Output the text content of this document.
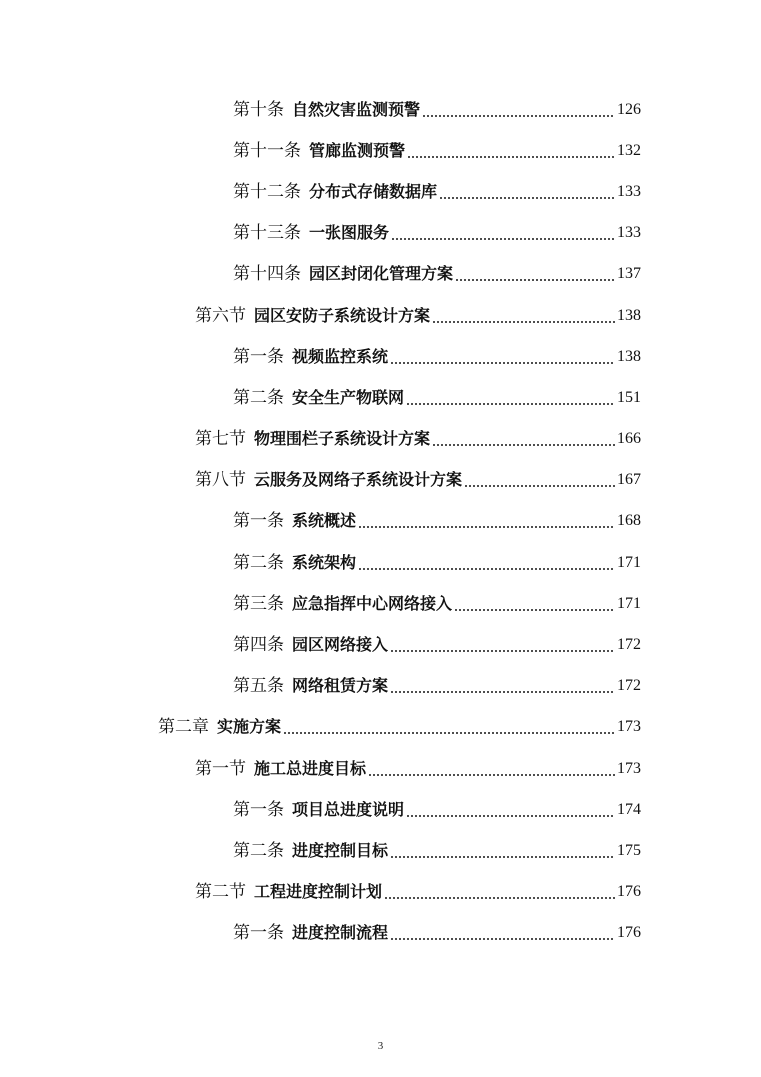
第十条 自然灾害监测预警	126
第十一条 管廊监测预警	132
第十二条 分布式存储数据库	133
第十三条 一张图服务	133
第十四条 园区封闭化管理方案	137
第六节 园区安防子系统设计方案	138
第一条 视频监控系统	138
第二条 安全生产物联网	151
第七节 物理围栏子系统设计方案	166
第八节 云服务及网络子系统设计方案	167
第一条 系统概述	168
第二条 系统架构	171
第三条 应急指挥中心网络接入	171
第四条 园区网络接入	172
第五条 网络租赁方案	172
第二章 实施方案	173
第一节 施工总进度目标	173
第一条 项目总进度说明	174
第二条 进度控制目标	175
第二节 工程进度控制计划	176
第一条 进度控制流程	176
3
